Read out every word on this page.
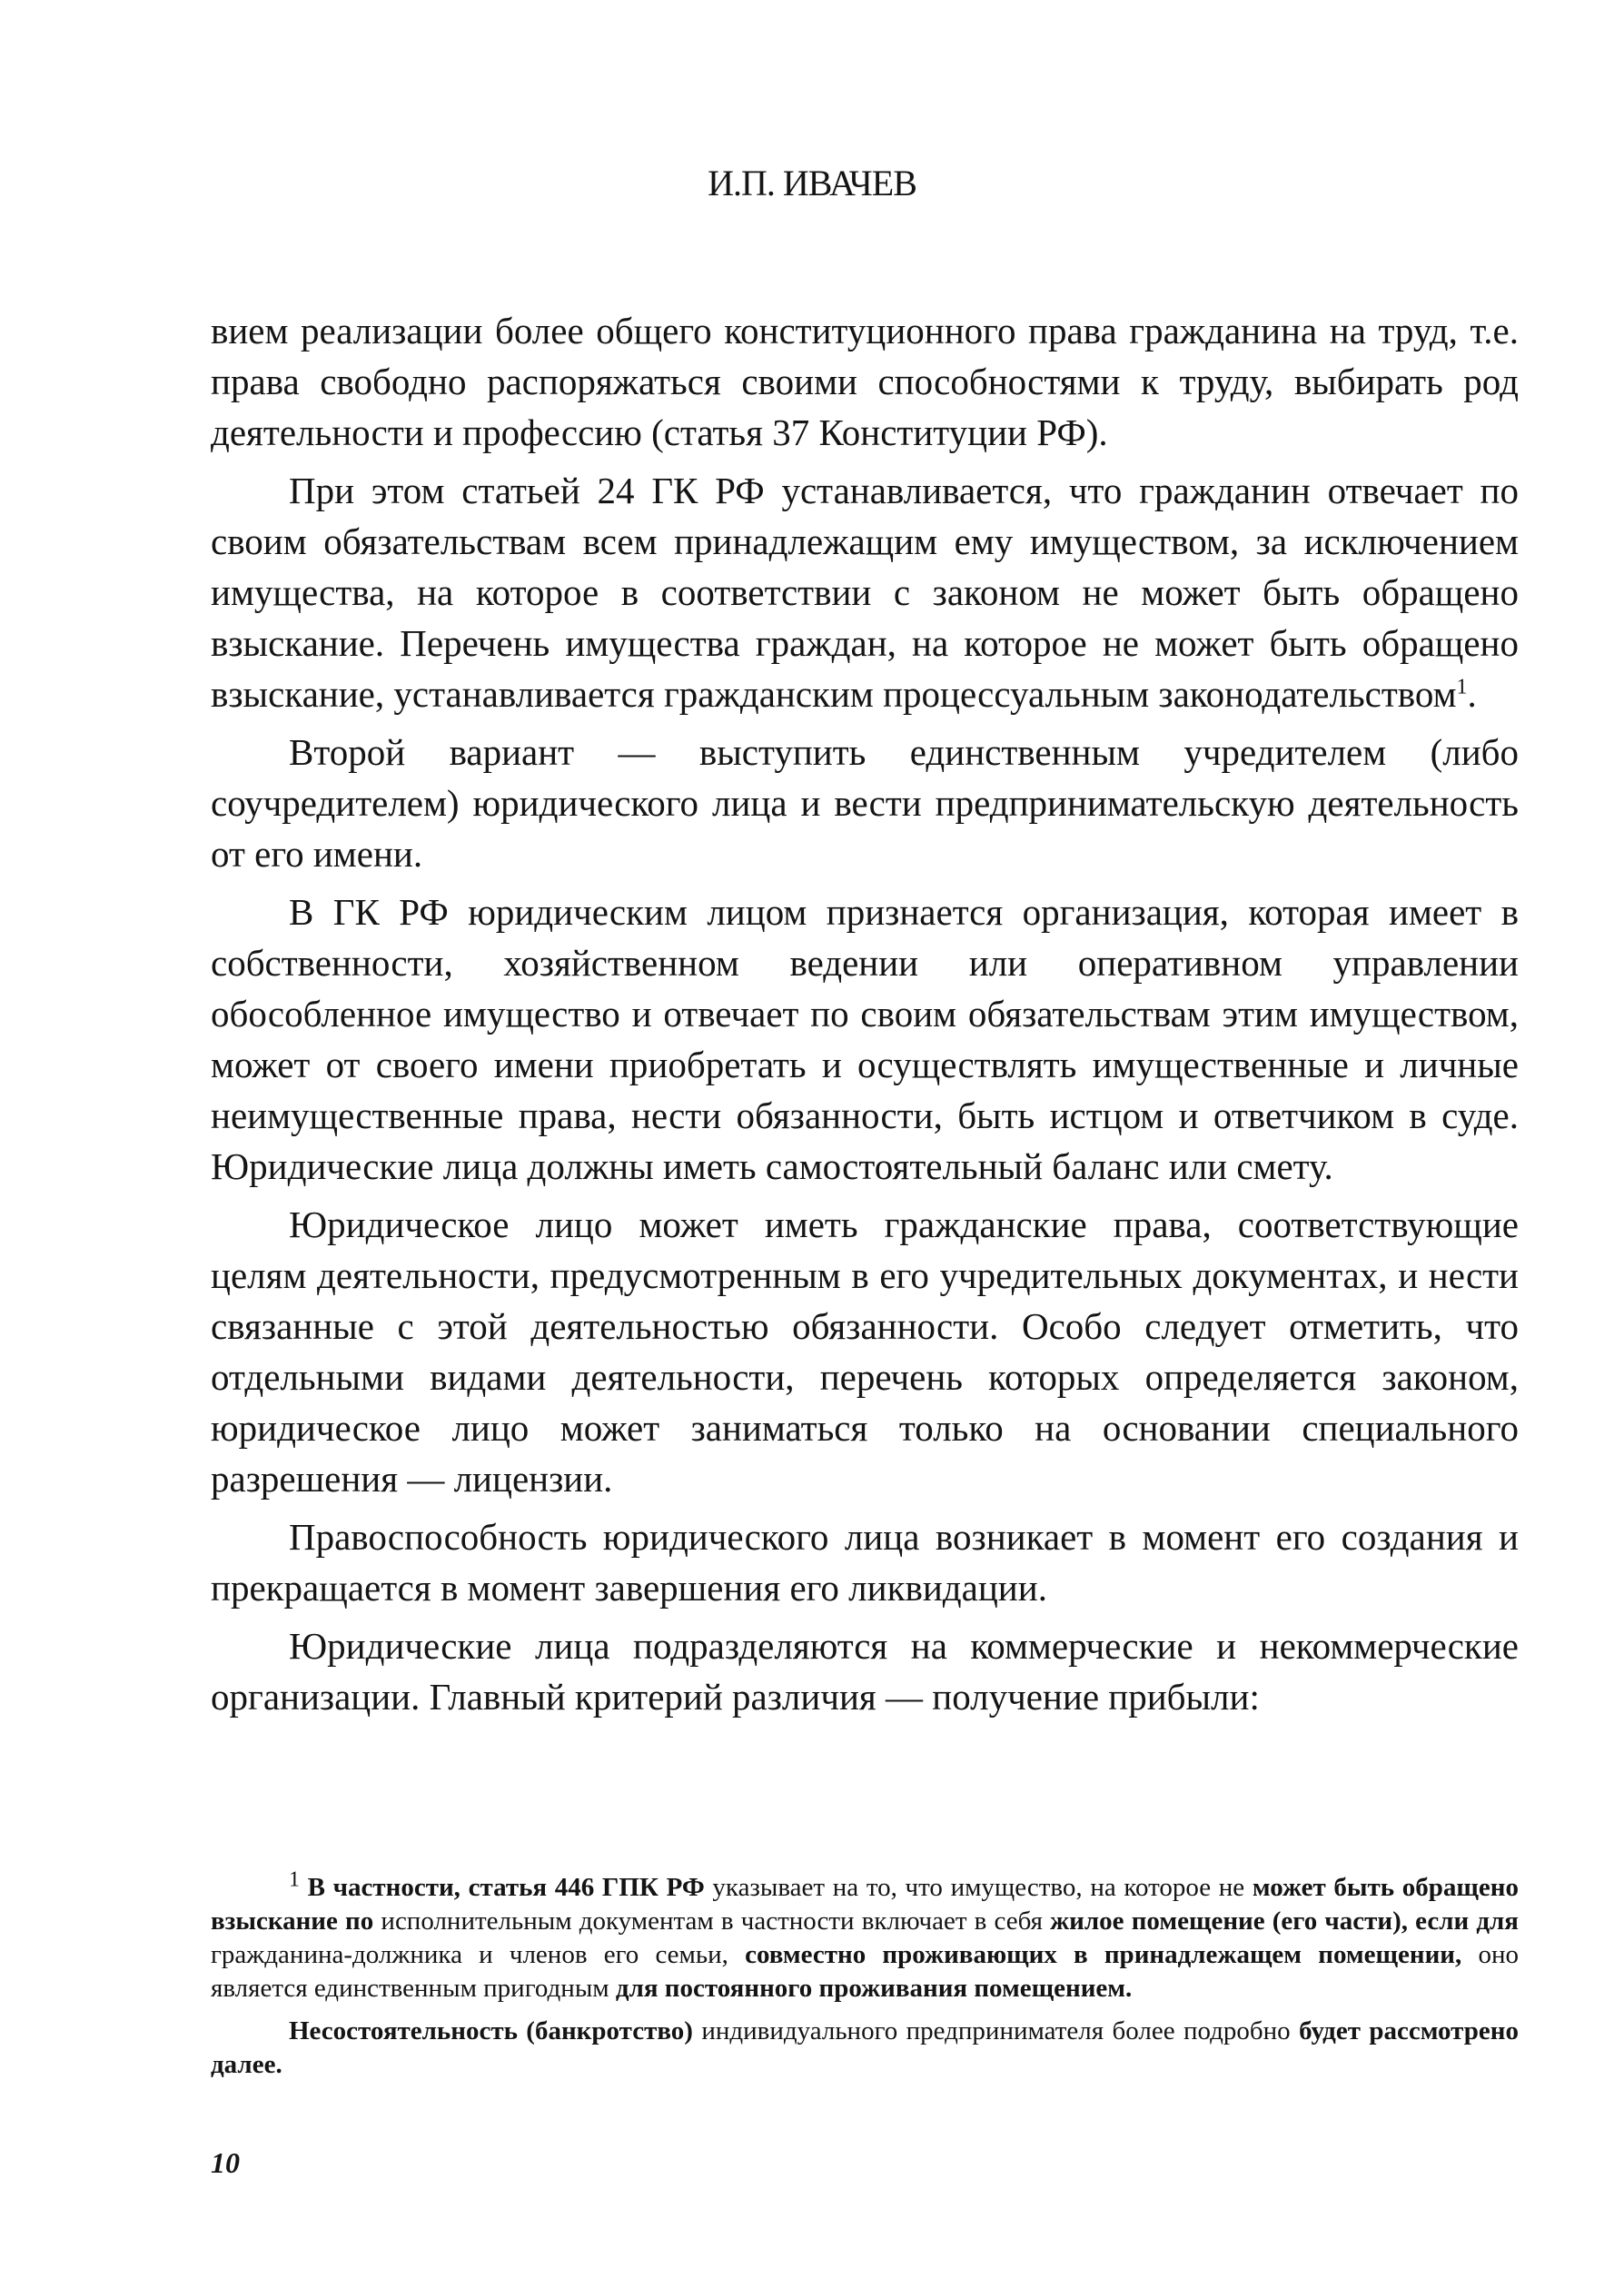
И.П. ИВАЧЕВ

вием реализации более общего конституционного права гражданина на труд, т.е. права свободно распоряжаться своими способностями к труду, выбирать род деятельности и профессию (статья 37 Конституции РФ).

При этом статьей 24 ГК РФ устанавливается, что гражданин отвечает по своим обязательствам всем принадлежащим ему имуществом, за исключением имущества, на которое в соответствии с законом не может быть обращено взыскание. Перечень имущества граждан, на которое не может быть обращено взыскание, устанавливается гражданским процессуальным законодательством$^1$.

Второй вариант — выступить единственным учредителем (либо соучредителем) юридического лица и вести предпринимательскую деятельность от его имени.

В ГК РФ юридическим лицом признается организация, которая имеет в собственности, хозяйственном ведении или оперативном управлении обособленное имущество и отвечает по своим обязательствам этим имуществом, может от своего имени приобретать и осуществлять имущественные и личные неимущественные права, нести обязанности, быть истцом и ответчиком в суде. Юридические лица должны иметь самостоятельный баланс или смету.

Юридическое лицо может иметь гражданские права, соответствующие целям деятельности, предусмотренным в его учредительных документах, и нести связанные с этой деятельностью обязанности. Особо следует отметить, что отдельными видами деятельности, перечень которых определяется законом, юридическое лицо может заниматься только на основании специального разрешения — лицензии.

Правоспособность юридического лица возникает в момент его создания и прекращается в момент завершения его ликвидации.

Юридические лица подразделяются на коммерческие и некоммерческие организации. Главный критерий различия — получение прибыли:

$^1$ В частности, статья 446 ГПК РФ указывает на то, что имущество, на которое не может быть обращено взыскание по исполнительным документам в частности включает в себя жилое помещение (его части), если для гражданина-должника и членов его семьи, совместно проживающих в принадлежащем помещении, оно является единственным пригодным для постоянного проживания помещением.

Несостоятельность (банкротство) индивидуального предпринимателя более подробно будет рассмотрено далее.

10
